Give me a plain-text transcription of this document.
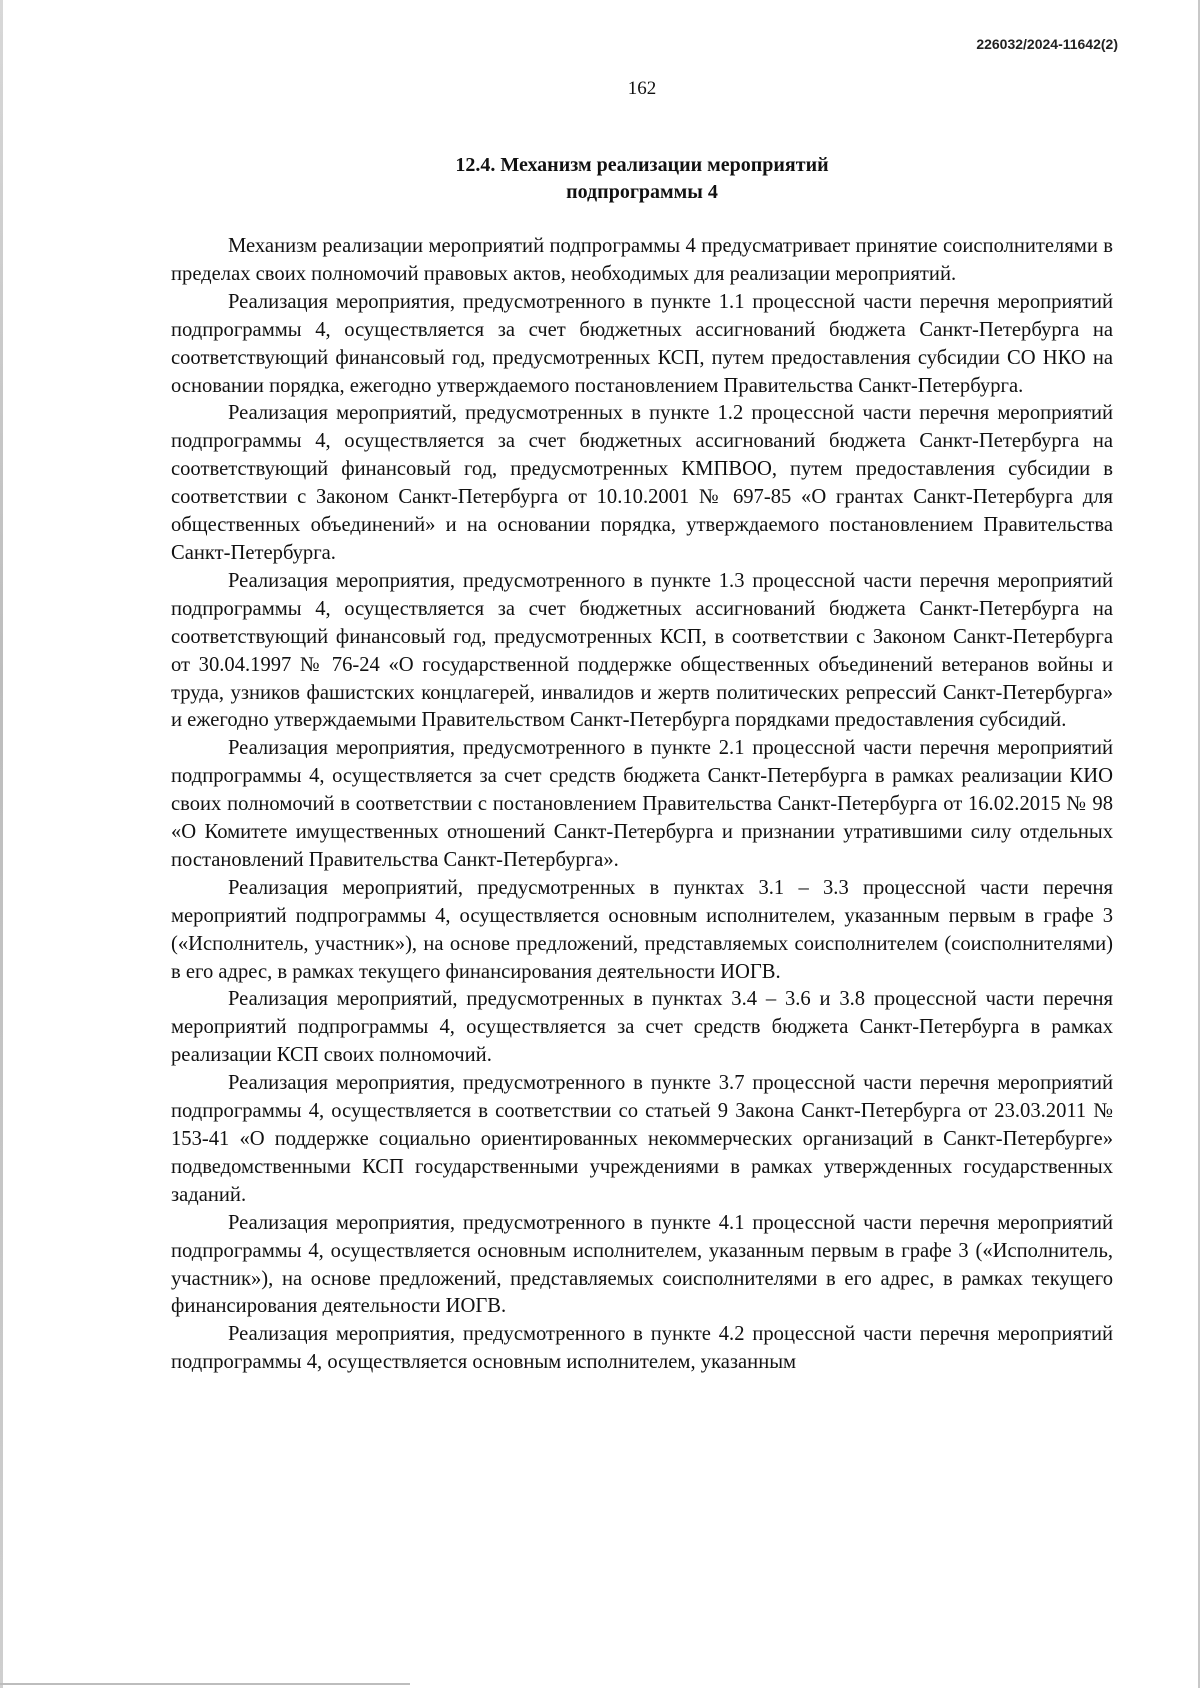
226032/2024-11642(2)
162
12.4. Механизм реализации мероприятий
подпрограммы 4

Механизм реализации мероприятий подпрограммы 4 предусматривает принятие соисполнителями в пределах своих полномочий правовых актов, необходимых для реализации мероприятий.

Реализация мероприятия, предусмотренного в пункте 1.1 процессной части перечня мероприятий подпрограммы 4, осуществляется за счет бюджетных ассигнований бюджета Санкт-Петербурга на соответствующий финансовый год, предусмотренных КСП, путем предоставления субсидии СО НКО на основании порядка, ежегодно утверждаемого постановлением Правительства Санкт-Петербурга.

Реализация мероприятий, предусмотренных в пункте 1.2 процессной части перечня мероприятий подпрограммы 4, осуществляется за счет бюджетных ассигнований бюджета Санкт-Петербурга на соответствующий финансовый год, предусмотренных КМПВОО, путем предоставления субсидии в соответствии с Законом Санкт-Петербурга от 10.10.2001 № 697-85 «О грантах Санкт-Петербурга для общественных объединений» и на основании порядка, утверждаемого постановлением Правительства Санкт-Петербурга.

Реализация мероприятия, предусмотренного в пункте 1.3 процессной части перечня мероприятий подпрограммы 4, осуществляется за счет бюджетных ассигнований бюджета Санкт-Петербурга на соответствующий финансовый год, предусмотренных КСП, в соответствии с Законом Санкт-Петербурга от 30.04.1997 № 76-24 «О государственной поддержке общественных объединений ветеранов войны и труда, узников фашистских концлагерей, инвалидов и жертв политических репрессий Санкт-Петербурга» и ежегодно утверждаемыми Правительством Санкт-Петербурга порядками предоставления субсидий.

Реализация мероприятия, предусмотренного в пункте 2.1 процессной части перечня мероприятий подпрограммы 4, осуществляется за счет средств бюджета Санкт-Петербурга в рамках реализации КИО своих полномочий в соответствии с постановлением Правительства Санкт-Петербурга от 16.02.2015 № 98 «О Комитете имущественных отношений Санкт-Петербурга и признании утратившими силу отдельных постановлений Правительства Санкт-Петербурга».

Реализация мероприятий, предусмотренных в пунктах 3.1 – 3.3 процессной части перечня мероприятий подпрограммы 4, осуществляется основным исполнителем, указанным первым в графе 3 («Исполнитель, участник»), на основе предложений, представляемых соисполнителем (соисполнителями) в его адрес, в рамках текущего финансирования деятельности ИОГВ.

Реализация мероприятий, предусмотренных в пунктах 3.4 – 3.6 и 3.8 процессной части перечня мероприятий подпрограммы 4, осуществляется за счет средств бюджета Санкт-Петербурга в рамках реализации КСП своих полномочий.

Реализация мероприятия, предусмотренного в пункте 3.7 процессной части перечня мероприятий подпрограммы 4, осуществляется в соответствии со статьей 9 Закона Санкт-Петербурга от 23.03.2011 № 153-41 «О поддержке социально ориентированных некоммерческих организаций в Санкт-Петербурге» подведомственными КСП государственными учреждениями в рамках утвержденных государственных заданий.

Реализация мероприятия, предусмотренного в пункте 4.1 процессной части перечня мероприятий подпрограммы 4, осуществляется основным исполнителем, указанным первым в графе 3 («Исполнитель, участник»), на основе предложений, представляемых соисполнителями в его адрес, в рамках текущего финансирования деятельности ИОГВ.

Реализация мероприятия, предусмотренного в пункте 4.2 процессной части перечня мероприятий подпрограммы 4, осуществляется основным исполнителем, указанным
